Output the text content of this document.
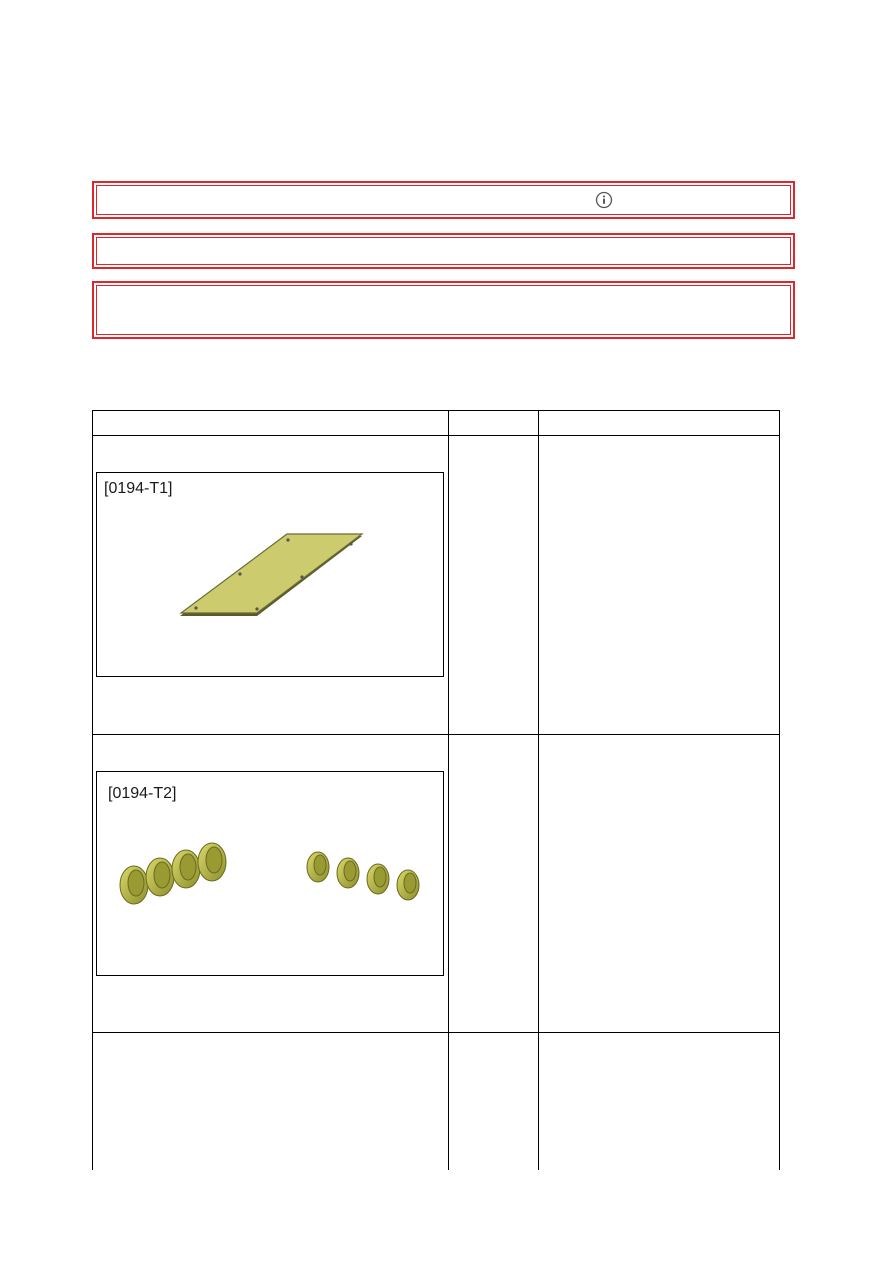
[0194-T1]
[0194-T2]
